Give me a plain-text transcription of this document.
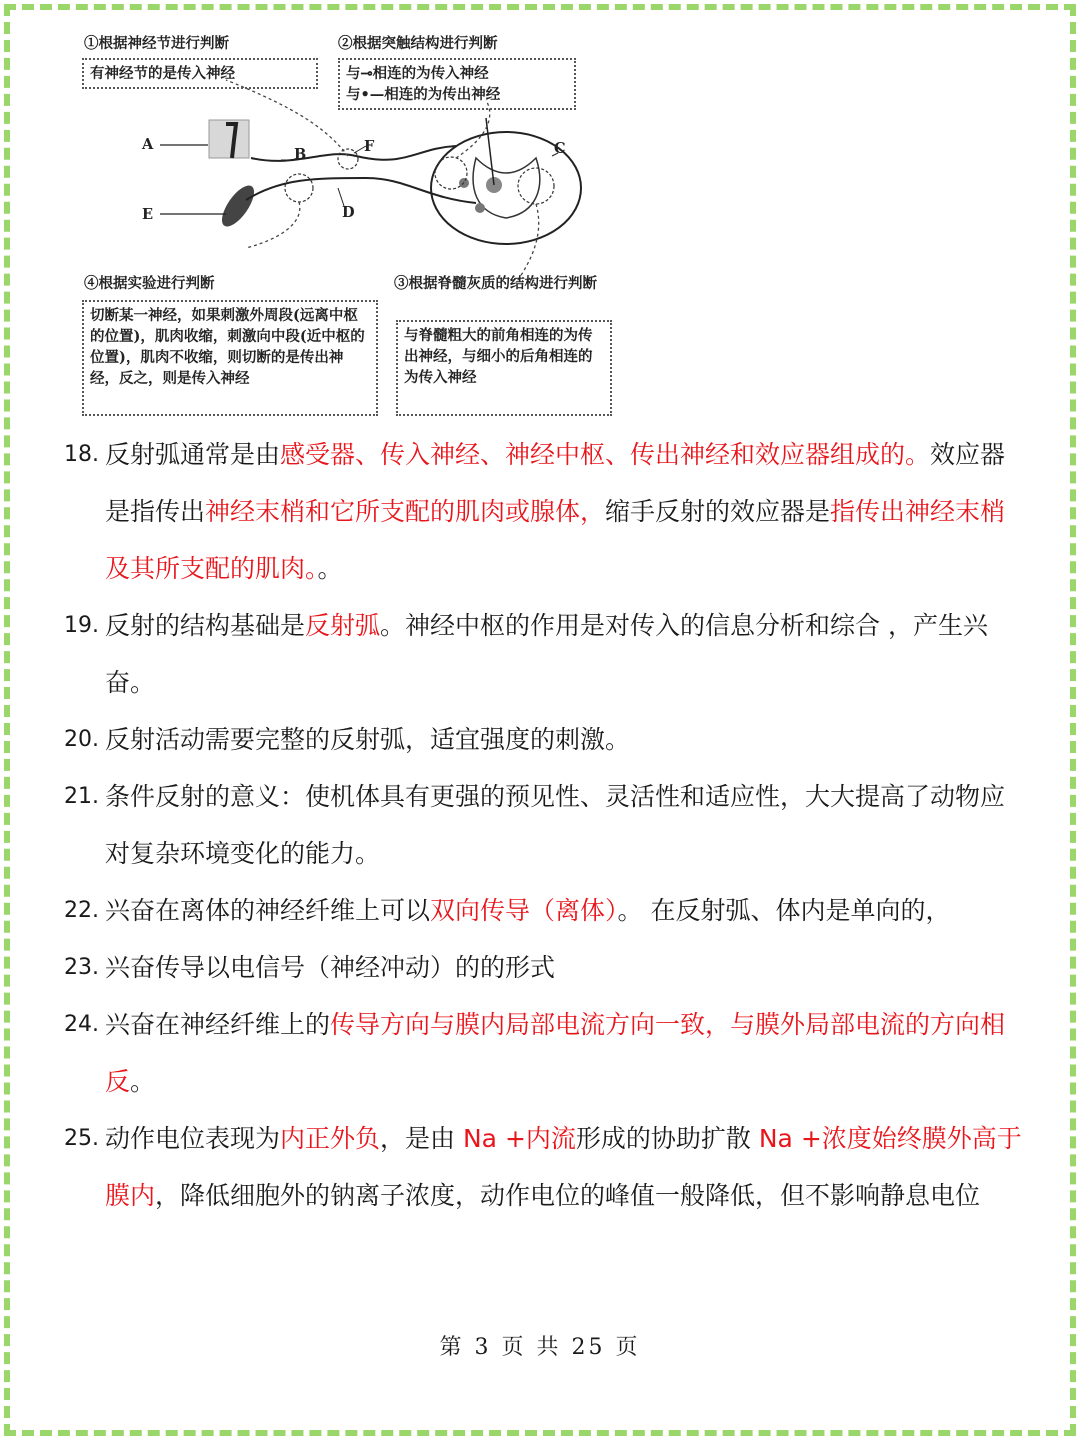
①根据神经节进行判断
有神经节的是传入神经
②根据突触结构进行判断
与⊸相连的为传入神经
与•—相连的为传出神经
④根据实验进行判断
切断某一神经，如果刺激外周段(远离中枢的位置)，肌肉收缩，刺激向中段(近中枢的位置)，肌肉不收缩，则切断的是传出神经，反之，则是传入神经
③根据脊髓灰质的结构进行判断
与脊髓粗大的前角相连的为传出神经，与细小的后角相连的为传入神经
A
E
B	F
D
C
18. 反射弧通常是由感受器、传入神经、神经中枢、传出神经和效应器组成的。效应器是指传出神经末梢和它所支配的肌肉或腺体，缩手反射的效应器是指传出神经末梢及其所支配的肌肉。。
19. 反射的结构基础是反射弧。神经中枢的作用是对传入的信息分析和综合 ，产生兴奋。
20. 反射活动需要完整的反射弧，适宜强度的刺激。
21. 条件反射的意义：使机体具有更强的预见性、灵活性和适应性，大大提高了动物应对复杂环境变化的能力。
22. 兴奋在离体的神经纤维上可以双向传导（离体）。 在反射弧、体内是单向的，
23. 兴奋传导以电信号（神经冲动）的的形式
24. 兴奋在神经纤维上的传导方向与膜内局部电流方向一致，与膜外局部电流的方向相反。
25. 动作电位表现为内正外负，是由 Na +内流形成的协助扩散 Na +浓度始终膜外高于膜内，降低细胞外的钠离子浓度，动作电位的峰值一般降低，但不影响静息电位
第 3 页 共 25 页
